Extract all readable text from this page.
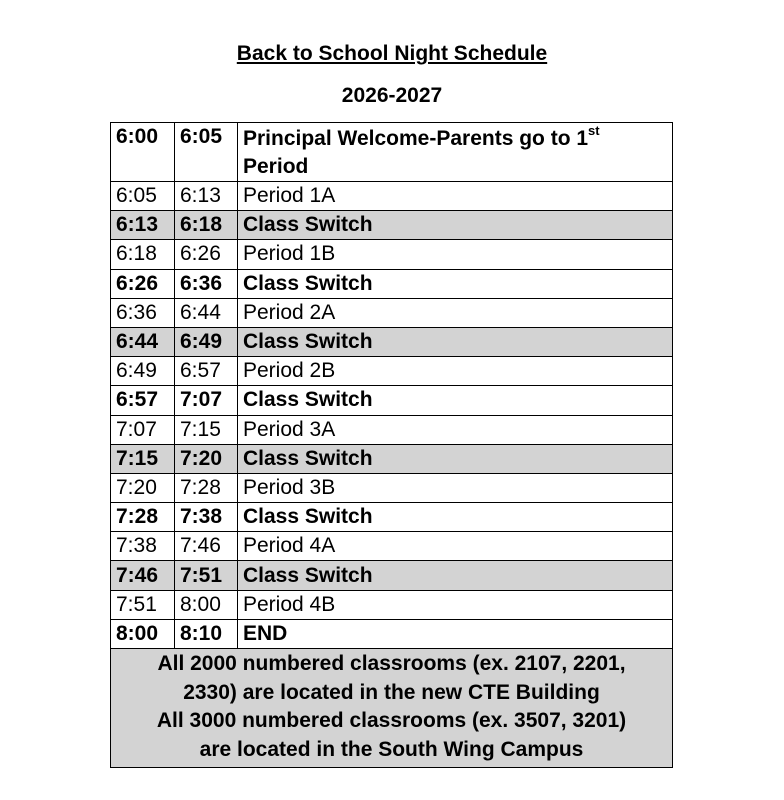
Back to School Night Schedule
2026-2027
6:00	6:05	Principal Welcome-Parents go to 1st
Period
6:05	6:13	Period 1A
6:13	6:18	Class Switch
6:18	6:26	Period 1B
6:26	6:36	Class Switch
6:36	6:44	Period 2A
6:44	6:49	Class Switch
6:49	6:57	Period 2B
6:57	7:07	Class Switch
7:07	7:15	Period 3A
7:15	7:20	Class Switch
7:20	7:28	Period 3B
7:28	7:38	Class Switch
7:38	7:46	Period 4A
7:46	7:51	Class Switch
7:51	8:00	Period 4B
8:00	8:10	END

All 2000 numbered classrooms (ex. 2107, 2201,
2330) are located in the new CTE Building
All 3000 numbered classrooms (ex. 3507, 3201)
are located in the South Wing Campus		
